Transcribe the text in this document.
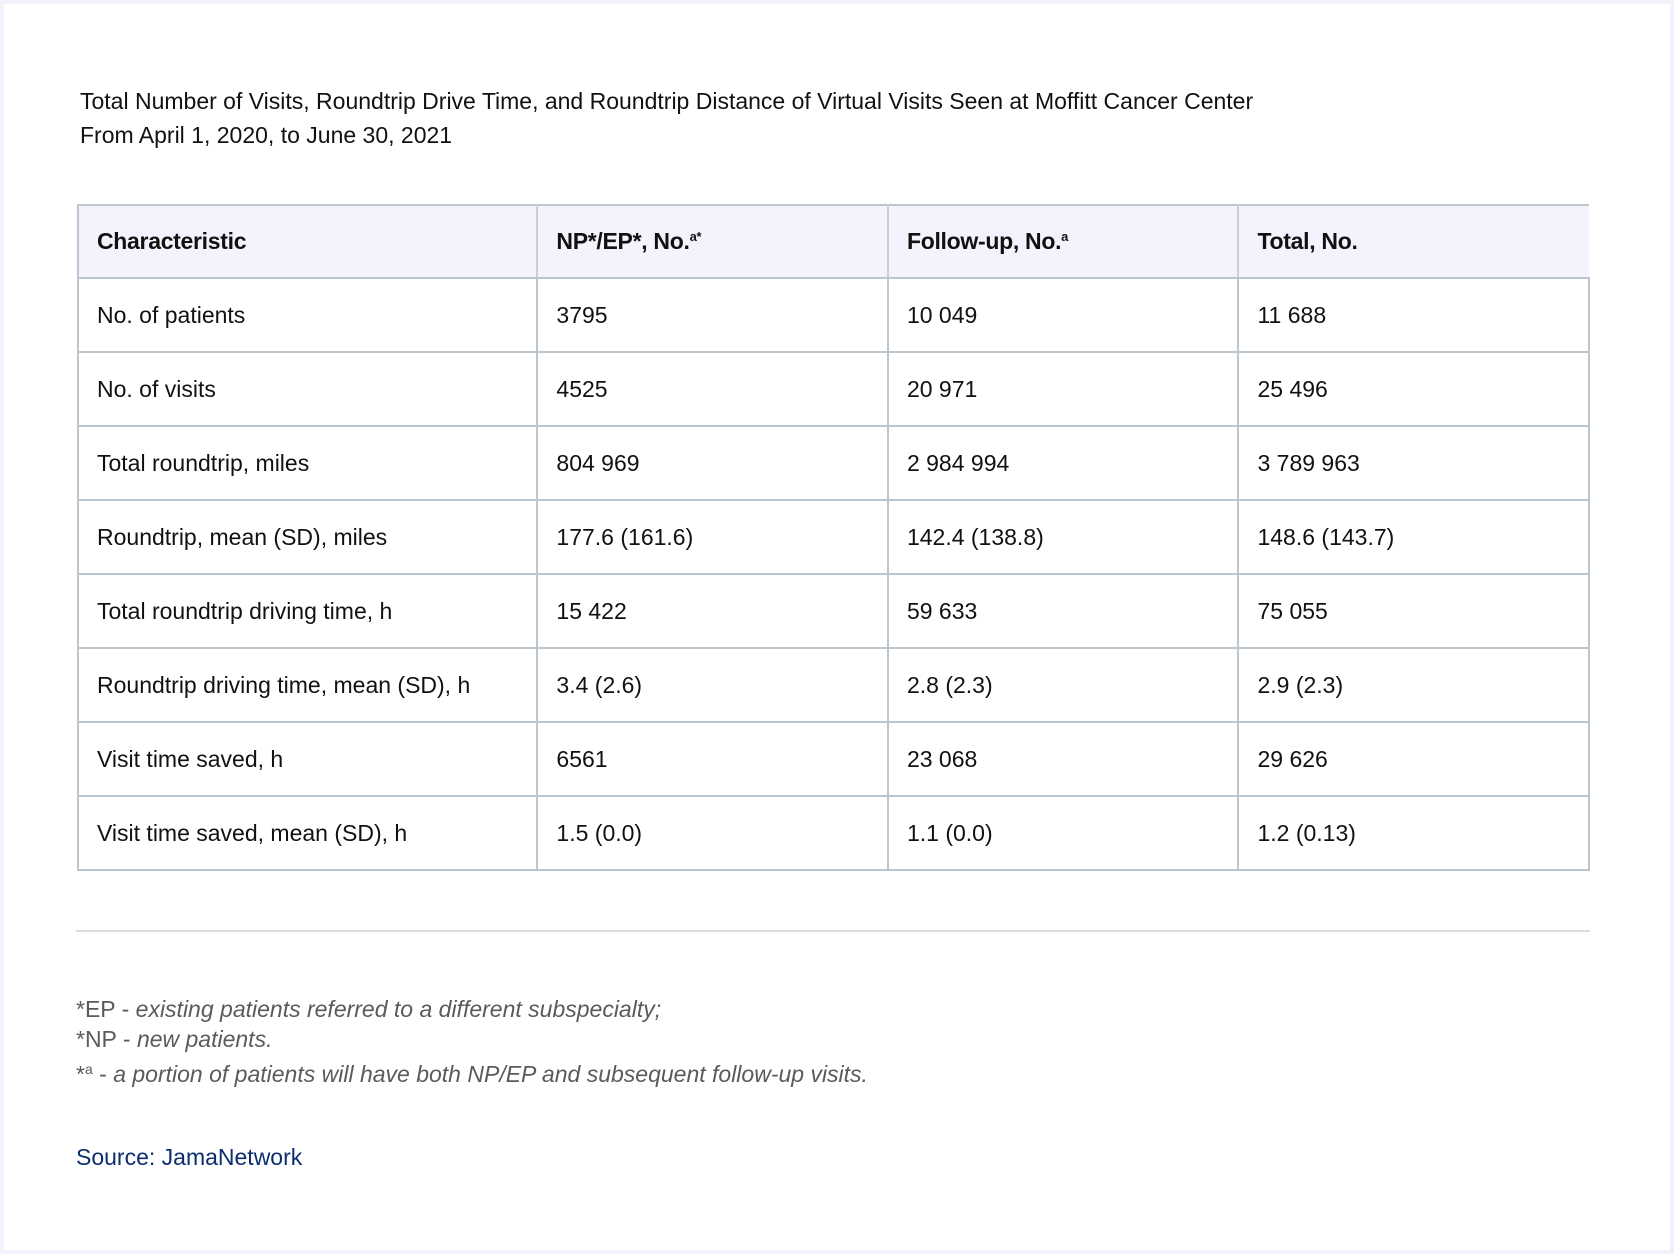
Total Number of Visits, Roundtrip Drive Time, and Roundtrip Distance of Virtual Visits Seen at Moffitt Cancer Center
From April 1, 2020, to June 30, 2021
Characteristic	NP*/EP*, No.$^{a*}$	Follow-up, No.$^a$	Total, No.
No. of patients	3795	10 049	11 688
No. of visits	4525	20 971	25 496
Total roundtrip, miles	804 969	2 984 994	3 789 963
Roundtrip, mean (SD), miles	177.6 (161.6)	142.4 (138.8)	148.6 (143.7)
Total roundtrip driving time, h	15 422	59 633	75 055
Roundtrip driving time, mean (SD), h	3.4 (2.6)	2.8 (2.3)	2.9 (2.3)
Visit time saved, h	6561	23 068	29 626
Visit time saved, mean (SD), h	1.5 (0.0)	1.1 (0.0)	1.2 (0.13)
*EP - existing patients referred to a different subspecialty;
*NP - new patients.
*$^a$ - a portion of patients will have both NP/EP and subsequent follow-up visits.
Source: JamaNetwork
